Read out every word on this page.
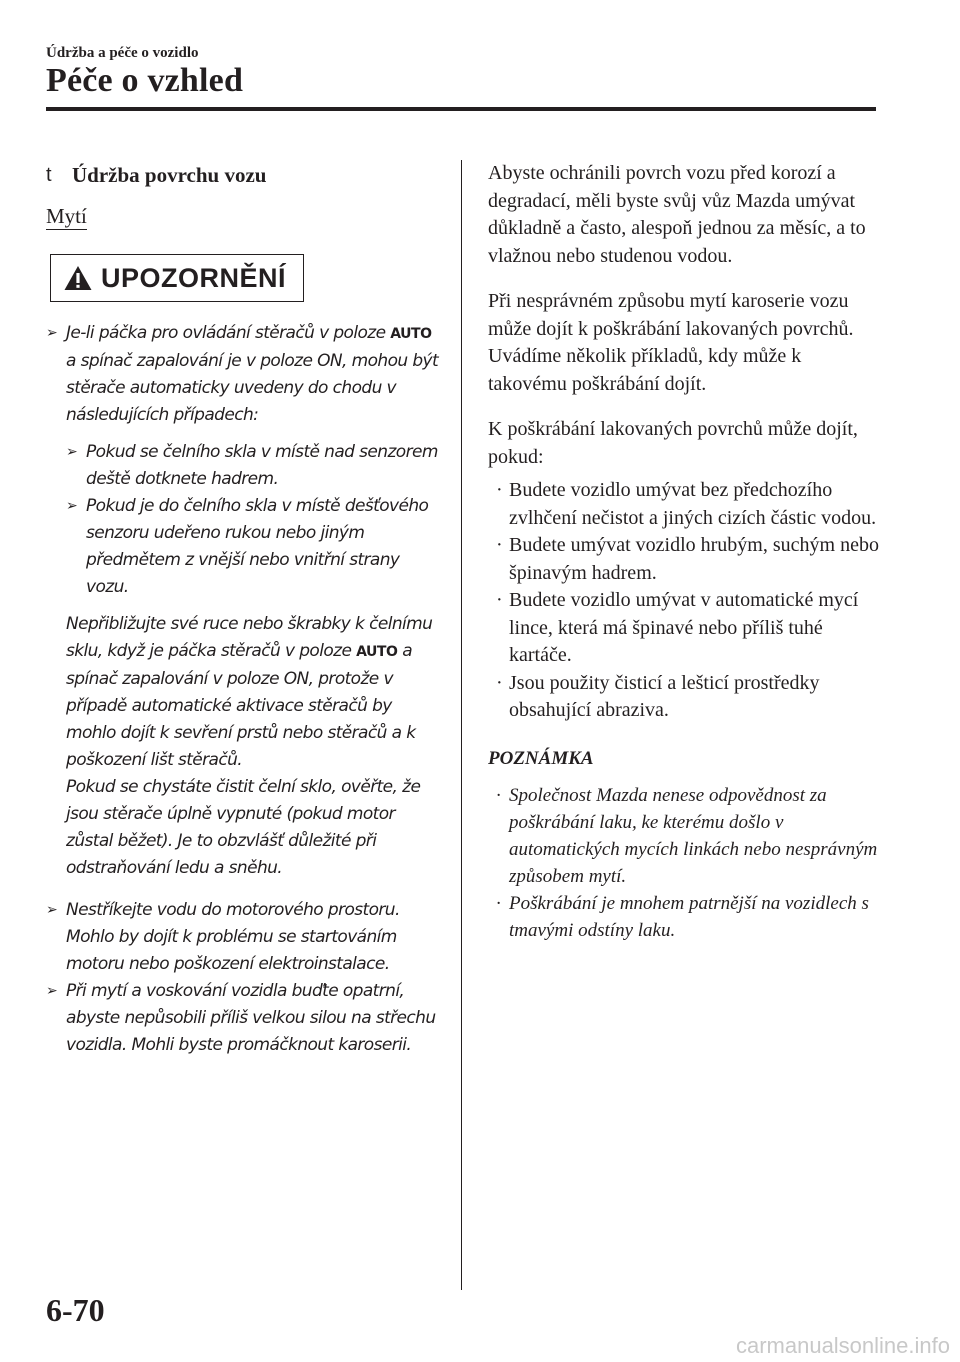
Údržba a péče o vozidlo
Péče o vzhled
t Údržba povrchu vozu
Mytí
UPOZORNĚNÍ
➢ Je-li páčka pro ovládání stěračů v poloze AUTO a spínač zapalování je v poloze ON, mohou být stěrače automaticky uvedeny do chodu v následujících případech:
➢ Pokud se čelního skla v místě nad senzorem deště dotknete hadrem.
➢ Pokud je do čelního skla v místě dešťového senzoru udeřeno rukou nebo jiným předmětem z vnější nebo vnitřní strany vozu.
Nepřibližujte své ruce nebo škrabky k čelnímu sklu, když je páčka stěračů v poloze AUTO a spínač zapalování v poloze ON, protože v případě automatické aktivace stěračů by mohlo dojít k sevření prstů nebo stěračů a k poškození lišt stěračů.
Pokud se chystáte čistit čelní sklo, ověřte, že jsou stěrače úplně vypnuté (pokud motor zůstal běžet). Je to obzvlášť důležité při odstraňování ledu a sněhu.
➢ Nestříkejte vodu do motorového prostoru. Mohlo by dojít k problému se startováním motoru nebo poškození elektroinstalace.
➢ Při mytí a voskování vozidla buďte opatrní, abyste nepůsobili příliš velkou silou na střechu vozidla. Mohli byste promáčknout karoserii.

Abyste ochránili povrch vozu před korozí a degradací, měli byste svůj vůz Mazda umývat důkladně a často, alespoň jednou za měsíc, a to vlažnou nebo studenou vodou.

Při nesprávném způsobu mytí karoserie vozu může dojít k poškrábání lakovaných povrchů. Uvádíme několik příkladů, kdy může k takovému poškrábání dojít.

K poškrábání lakovaných povrchů může dojít, pokud:

· Budete vozidlo umývat bez předchozího zvlhčení nečistot a jiných cizích částic vodou.
· Budete umývat vozidlo hrubým, suchým nebo špinavým hadrem.
· Budete vozidlo umývat v automatické mycí lince, která má špinavé nebo příliš tuhé kartáče.
· Jsou použity čisticí a lešticí prostředky obsahující abraziva.
POZNÁMKA
· Společnost Mazda nenese odpovědnost za poškrábání laku, ke kterému došlo v automatických mycích linkách nebo nesprávným způsobem mytí.
· Poškrábání je mnohem patrnější na vozidlech s tmavými odstíny laku.
6-70
carmanualsonline.info
